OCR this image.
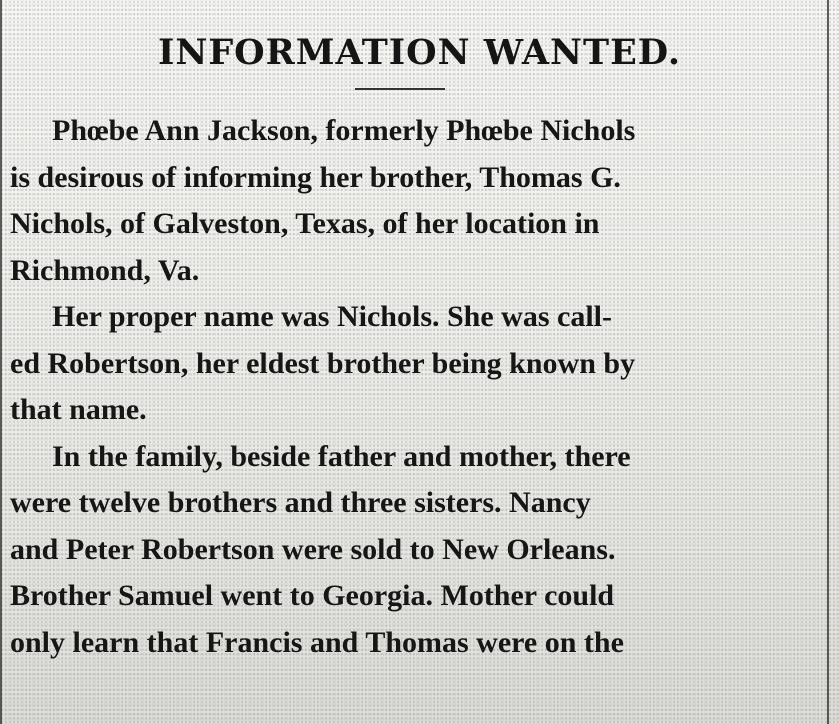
INFORMATION WANTED.

Phœbe Ann Jackson, formerly Phœbe Nichols
is desirous of informing her brother, Thomas G.
Nichols, of Galveston, Texas, of her location in
Richmond, Va.

Her proper name was Nichols. She was call-
ed Robertson, her eldest brother being known by
that name.

In the family, beside father and mother, there
were twelve brothers and three sisters. Nancy
and Peter Robertson were sold to New Orleans.
Brother Samuel went to Georgia. Mother could
only learn that Francis and Thomas were on the
